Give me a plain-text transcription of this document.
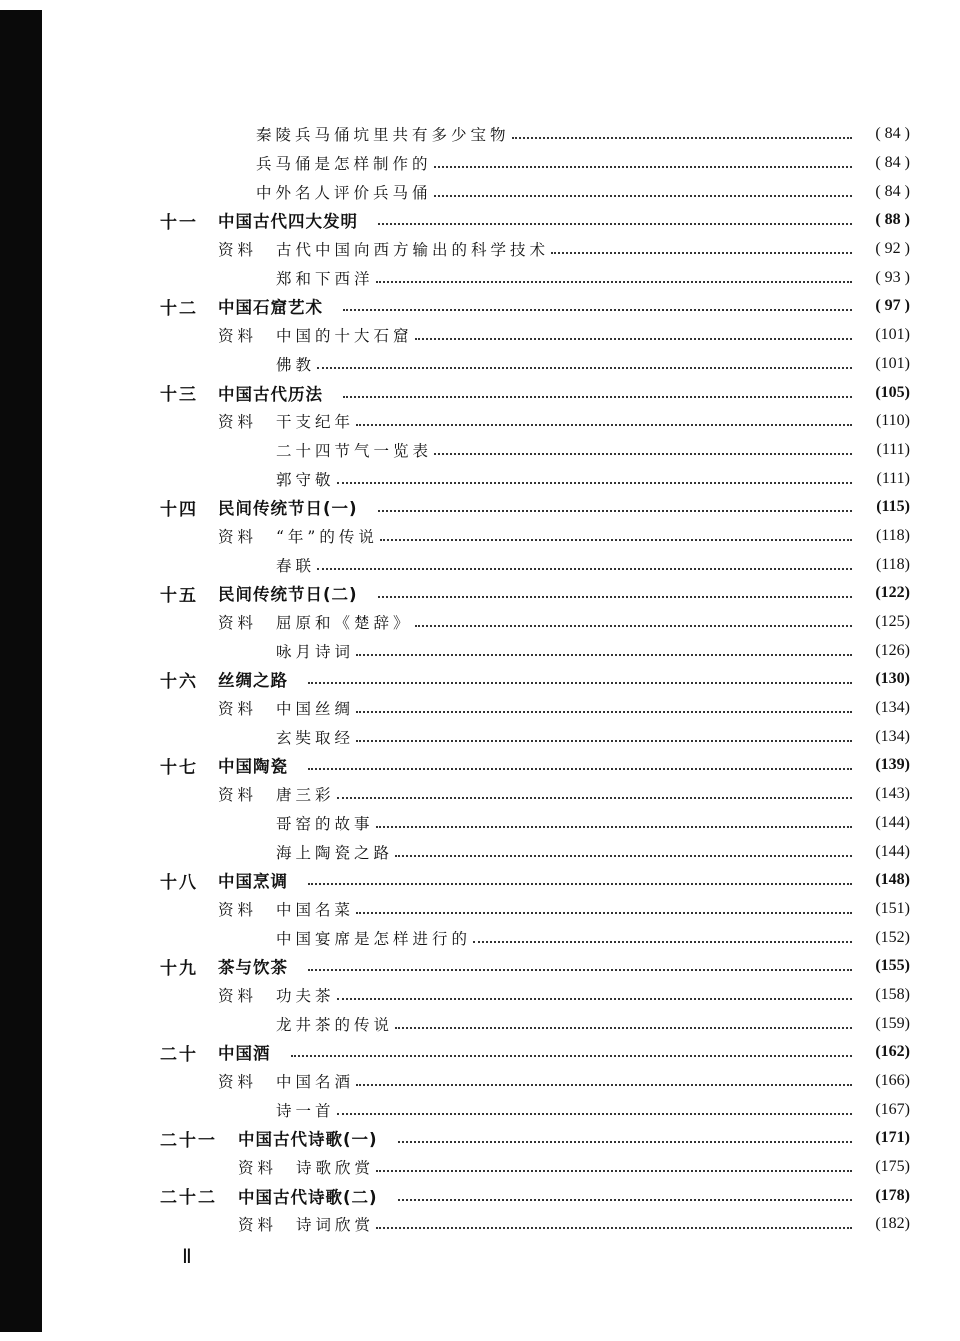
秦陵兵马俑坑里共有多少宝物	( 84 )
兵马俑是怎样制作的	( 84 )
中外名人评价兵马俑	( 84 )
十一	中国古代四大发明	( 88 )
资料	古代中国向西方输出的科学技术	( 92 )
郑和下西洋	( 93 )
十二	中国石窟艺术	( 97 )
资料	中国的十大石窟	(101)
佛教	(101)
十三	中国古代历法	(105)
资料	干支纪年	(110)
二十四节气一览表	(111)
郭守敬	(111)
十四	民间传统节日(一)	(115)
资料	“年”的传说	(118)
春联	(118)
十五	民间传统节日(二)	(122)
资料	屈原和《楚辞》	(125)
咏月诗词	(126)
十六	丝绸之路	(130)
资料	中国丝绸	(134)
玄奘取经	(134)
十七	中国陶瓷	(139)
资料	唐三彩	(143)
哥窑的故事	(144)
海上陶瓷之路	(144)
十八	中国烹调	(148)
资料	中国名菜	(151)
中国宴席是怎样进行的	(152)
十九	茶与饮茶	(155)
资料	功夫茶	(158)
龙井茶的传说	(159)
二十	中国酒	(162)
资料	中国名酒	(166)
诗一首	(167)
二十一	中国古代诗歌(一)	(171)
资料	诗歌欣赏	(175)
二十二	中国古代诗歌(二)	(178)
资料	诗词欣赏	(182)
Ⅱ
